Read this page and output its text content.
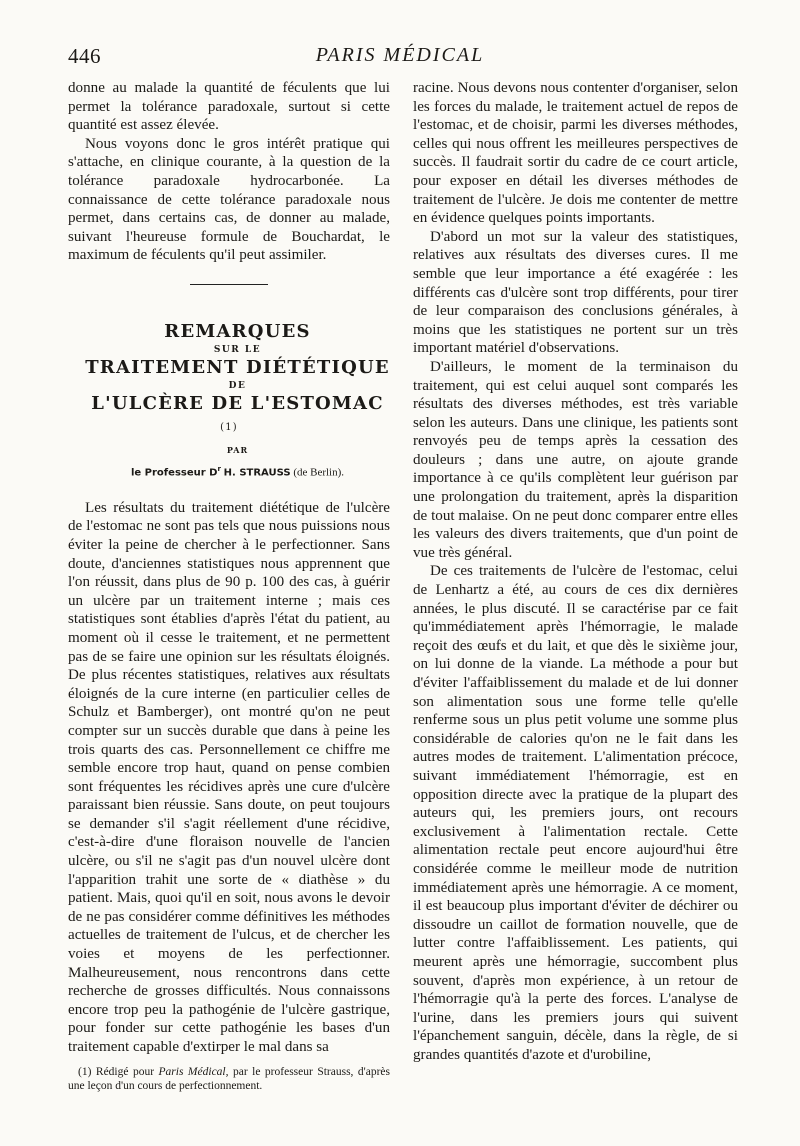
446	PARIS MÉDICAL

donne au malade la quantité de féculents que lui permet la tolérance paradoxale, surtout si cette quantité est assez élevée.

Nous voyons donc le gros intérêt pratique qui s'attache, en clinique courante, à la question de la tolérance paradoxale hydrocarbonée. La connaissance de cette tolérance paradoxale nous permet, dans certains cas, de donner au malade, suivant l'heureuse formule de Bouchardat, le maximum de féculents qu'il peut assimiler.

REMARQUES

SUR LE

TRAITEMENT DIÉTÉTIQUE

DE

L'ULCÈRE DE L'ESTOMAC $^{(1)}$

PAR

le Professeur $D^r$ H. STRAUSS (de Berlin).

Les résultats du traitement diététique de l'ulcère de l'estomac ne sont pas tels que nous puissions nous éviter la peine de chercher à le perfectionner. Sans doute, d'anciennes statistiques nous apprennent que l'on réussit, dans plus de 90 p. 100 des cas, à guérir un ulcère par un traitement interne ; mais ces statistiques sont établies d'après l'état du patient, au moment où il cesse le traitement, et ne permettent pas de se faire une opinion sur les résultats éloignés. De plus récentes statistiques, relatives aux résultats éloignés de la cure interne (en particulier celles de Schulz et Bamberger), ont montré qu'on ne peut compter sur un succès durable que dans à peine les trois quarts des cas. Personnellement ce chiffre me semble encore trop haut, quand on pense combien sont fréquentes les récidives après une cure d'ulcère paraissant bien réussie. Sans doute, on peut toujours se demander s'il s'agit réellement d'une récidive, c'est-à-dire d'une floraison nouvelle de l'ancien ulcère, ou s'il ne s'agit pas d'un nouvel ulcère dont l'apparition trahit une sorte de « diathèse » du patient. Mais, quoi qu'il en soit, nous avons le devoir de ne pas considérer comme définitives les méthodes actuelles de traitement de l'ulcus, et de chercher les voies et moyens de les perfectionner. Malheureusement, nous rencontrons dans cette recherche de grosses difficultés. Nous connaissons encore trop peu la pathogénie de l'ulcère gastrique, pour fonder sur cette pathogénie les bases d'un traitement capable d'extirper le mal dans sa

(1) Rédigé pour Paris Médical, par le professeur Strauss, d'après une leçon d'un cours de perfectionnement.

racine. Nous devons nous contenter d'organiser, selon les forces du malade, le traitement actuel de repos de l'estomac, et de choisir, parmi les diverses méthodes, celles qui nous offrent les meilleures perspectives de succès. Il faudrait sortir du cadre de ce court article, pour exposer en détail les diverses méthodes de traitement de l'ulcère. Je dois me contenter de mettre en évidence quelques points importants.

D'abord un mot sur la valeur des statistiques, relatives aux résultats des diverses cures. Il me semble que leur importance a été exagérée : les différents cas d'ulcère sont trop différents, pour tirer de leur comparaison des conclusions générales, à moins que les statistiques ne portent sur un très important matériel d'observations.

D'ailleurs, le moment de la terminaison du traitement, qui est celui auquel sont comparés les résultats des diverses méthodes, est très variable selon les auteurs. Dans une clinique, les patients sont renvoyés peu de temps après la cessation des douleurs ; dans une autre, on ajoute grande importance à ce qu'ils complètent leur guérison par une prolongation du traitement, après la disparition de tout malaise. On ne peut donc comparer entre elles les valeurs des divers traitements, que d'un point de vue très général.

De ces traitements de l'ulcère de l'estomac, celui de Lenhartz a été, au cours de ces dix dernières années, le plus discuté. Il se caractérise par ce fait qu'immédiatement après l'hémorragie, le malade reçoit des œufs et du lait, et que dès le sixième jour, on lui donne de la viande. La méthode a pour but d'éviter l'affaiblissement du malade et de lui donner son alimentation sous une forme telle qu'elle renferme sous un plus petit volume une somme plus considérable de calories qu'on ne le fait dans les autres modes de traitement. L'alimentation précoce, suivant immédiatement l'hémorragie, est en opposition directe avec la pratique de la plupart des auteurs qui, les premiers jours, ont recours exclusivement à l'alimentation rectale. Cette alimentation rectale peut encore aujourd'hui être considérée comme le meilleur mode de nutrition immédiatement après une hémorragie. A ce moment, il est beaucoup plus important d'éviter de déchirer ou dissoudre un caillot de formation nouvelle, que de lutter contre l'affaiblissement. Les patients, qui meurent après une hémorragie, succombent plus souvent, d'après mon expérience, à un retour de l'hémorragie qu'à la perte des forces. L'analyse de l'urine, dans les premiers jours qui suivent l'épanchement sanguin, décèle, dans la règle, de si grandes quantités d'azote et d'urobiline,
